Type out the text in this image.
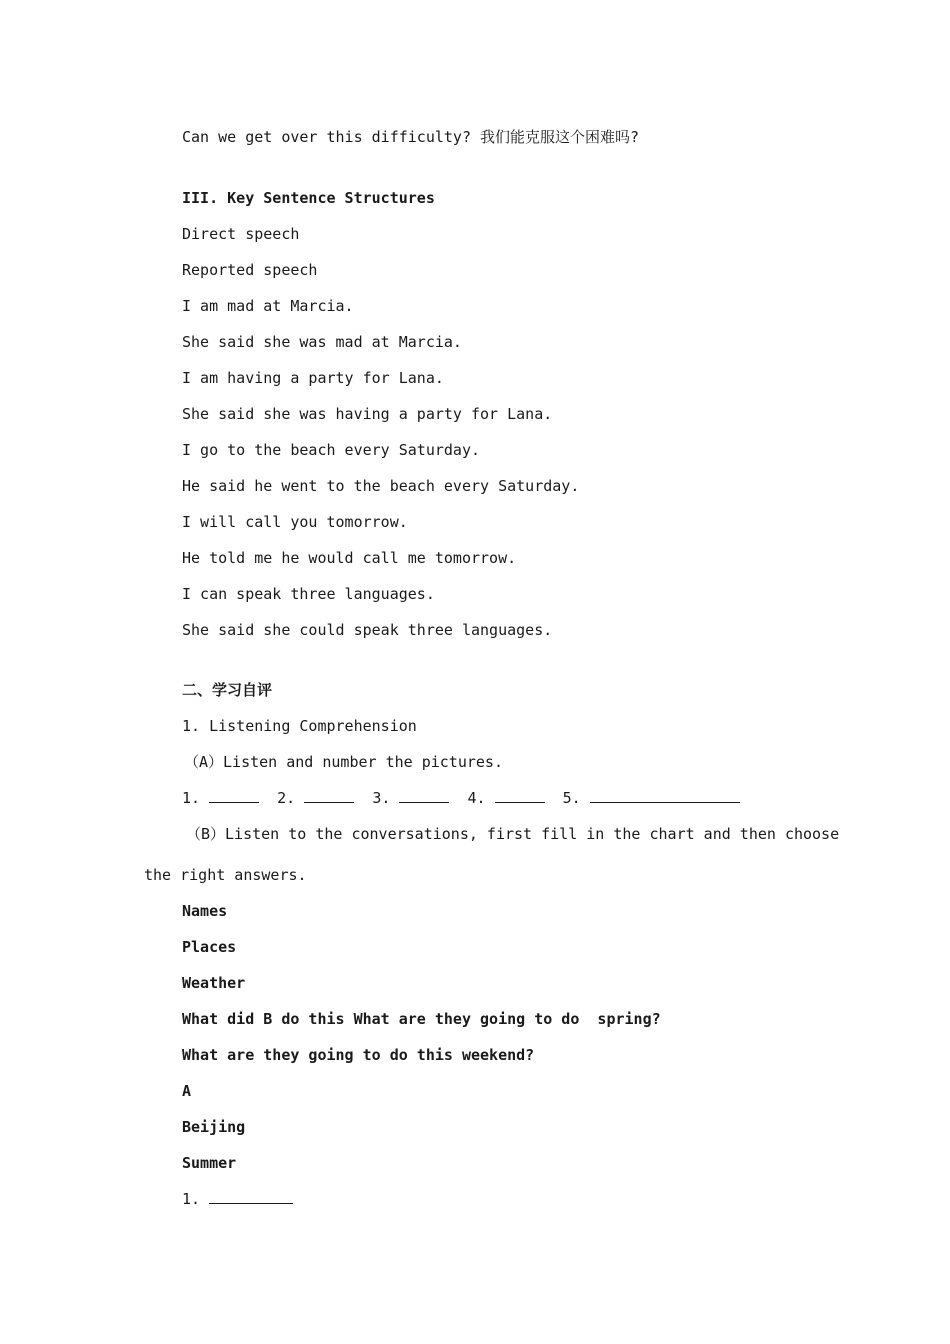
Can we get over this difficulty? 我们能克服这个困难吗?
III. Key Sentence Structures
Direct speech
Reported speech
I am mad at Marcia.
She said she was mad at Marcia.
I am having a party for Lana.
She said she was having a party for Lana.
I go to the beach every Saturday.
He said he went to the beach every Saturday.
I will call you tomorrow.
He told me he would call me tomorrow.
I can speak three languages.
She said she could speak three languages.
二、学习自评
1. Listening Comprehension
（A）Listen and number the pictures.
1.	2.	3.	4.	5.
（B）Listen to the conversations, first fill in the chart and then choose
the right answers.
Names
Places
Weather
What did B do this What are they going to do  spring?
What are they going to do this weekend?
A
Beijing
Summer
1.
